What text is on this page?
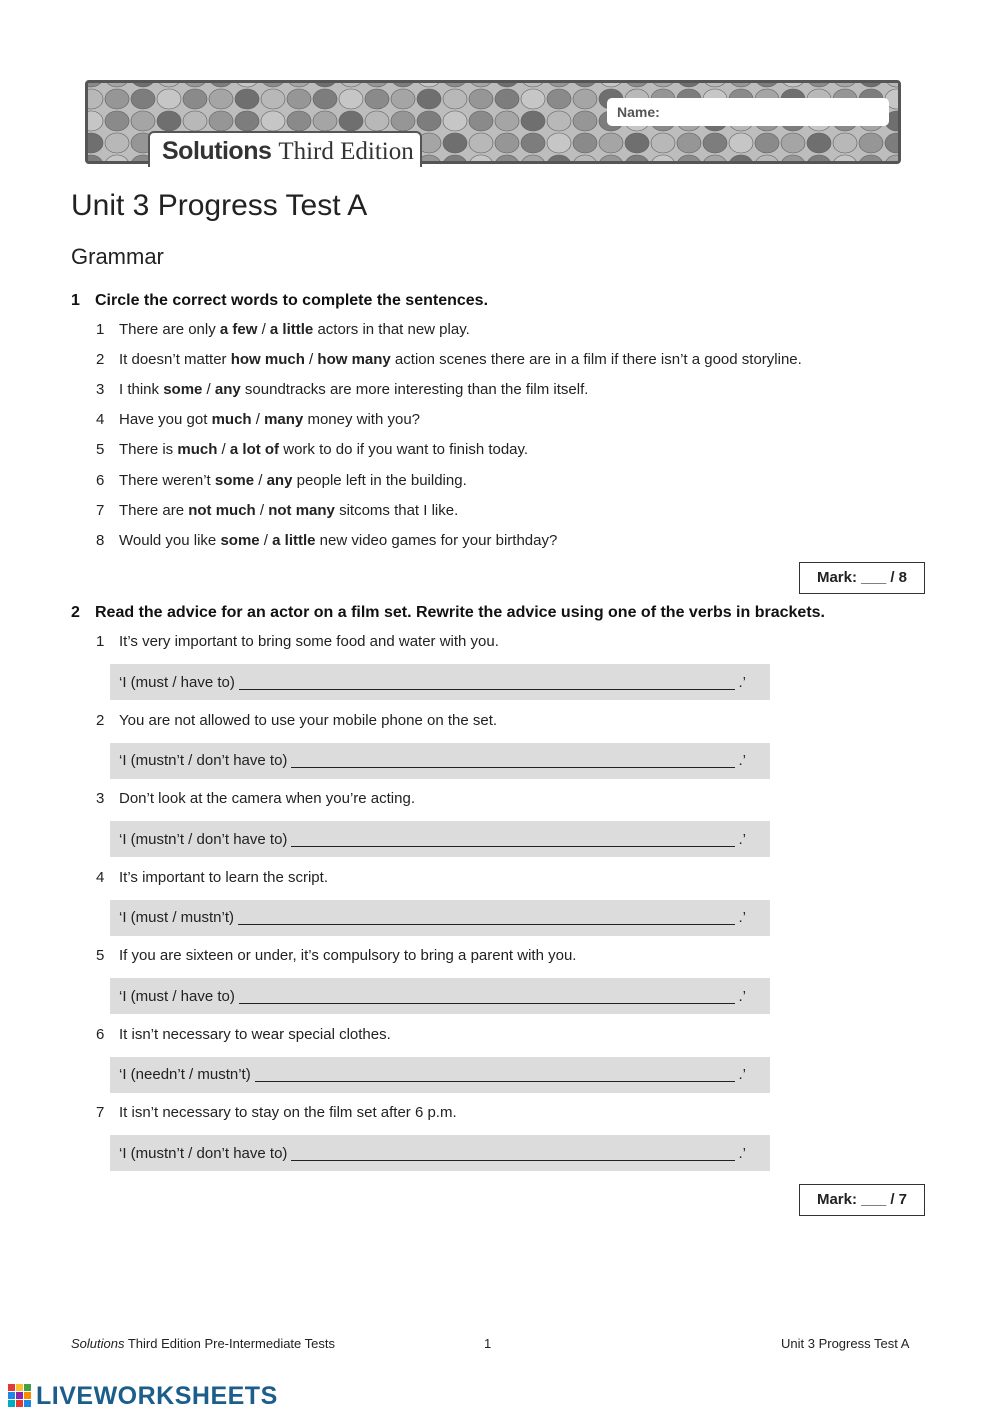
Name:
Solutions Third Edition
Unit 3 Progress Test A
Grammar
1 Circle the correct words to complete the sentences.
1 There are only a few / a little actors in that new play.
2 It doesn’t matter how much / how many action scenes there are in a film if there isn’t a good storyline.
3 I think some / any soundtracks are more interesting than the film itself.
4 Have you got much / many money with you?
5 There is much / a lot of work to do if you want to finish today.
6 There weren’t some / any people left in the building.
7 There are not much / not many sitcoms that I like.
8 Would you like some / a little new video games for your birthday?
Mark: ___ / 8
2 Read the advice for an actor on a film set. Rewrite the advice using one of the verbs in brackets.
1 It’s very important to bring some food and water with you.
‘I (must / have to)	.’
2 You are not allowed to use your mobile phone on the set.
‘I (mustn’t / don’t have to)	.’
3 Don’t look at the camera when you’re acting.
‘I (mustn’t / don’t have to)	.’
4 It’s important to learn the script.
‘I (must / mustn’t)	.’
5 If you are sixteen or under, it’s compulsory to bring a parent with you.
‘I (must / have to)	.’
6 It isn’t necessary to wear special clothes.
‘I (needn’t / mustn’t)	.’
7 It isn’t necessary to stay on the film set after 6 p.m.
‘I (mustn’t / don’t have to)	.’
Mark: ___ / 7
Solutions Third Edition Pre-Intermediate Tests	1	Unit 3 Progress Test A
LIVEWORKSHEETS
